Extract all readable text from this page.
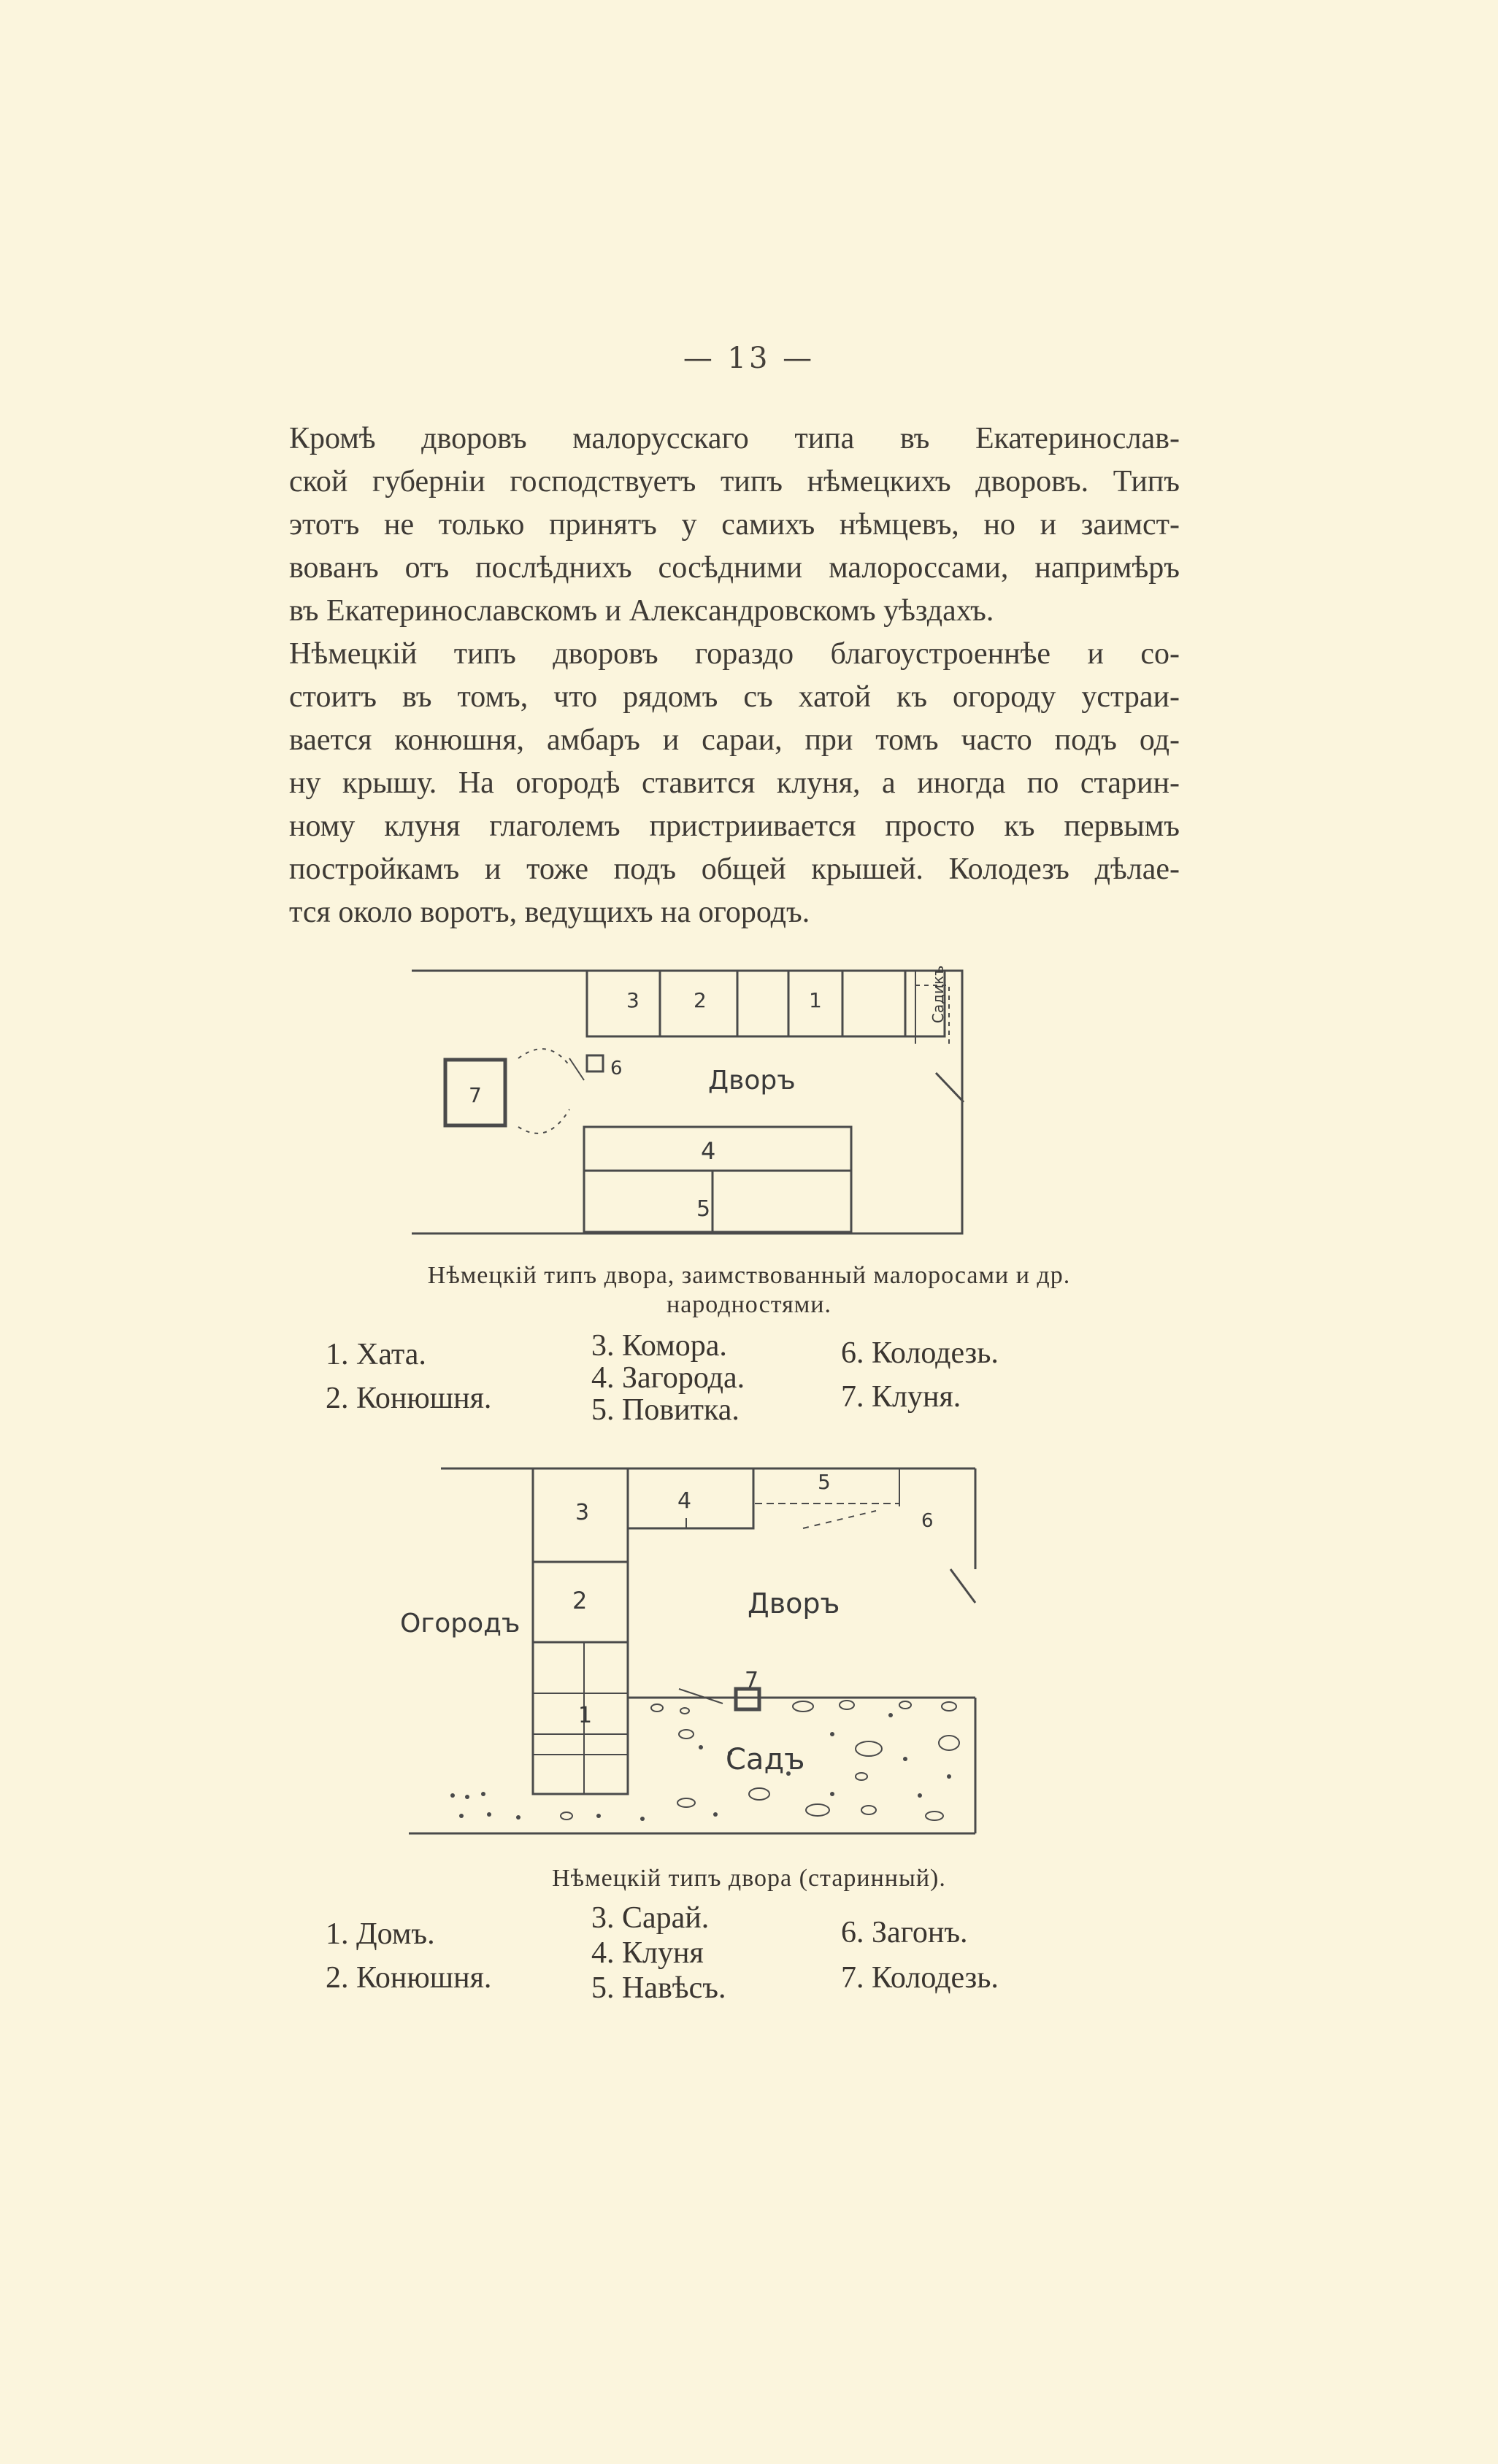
— 13 —
Кромѣ дворовъ малорусскаго типа въ Екатеринослав-
ской губерніи господствуетъ типъ нѣмецкихъ дворовъ. Типъ
этотъ не только принятъ у самихъ нѣмцевъ, но и заимст-
вованъ отъ послѣднихъ сосѣдними малороссами, напримѣръ
въ Екатеринославскомъ и Александровскомъ уѣздахъ.
Нѣмецкій типъ дворовъ гораздо благоустроеннѣе и со-
стоитъ въ томъ, что рядомъ съ хатой къ огороду устраи-
вается конюшня, амбаръ и сараи, при томъ часто подъ од-
ну крышу. На огородѣ ставится клуня, а иногда по старин-
ному клуня глаголемъ пристриивается просто къ первымъ
постройкамъ и тоже подъ общей крышей. Колодезъ дѣлае-
тся около воротъ, ведущихъ на огородъ.
3	2	1
6
7	Дворъ
4
5
Садикъ
Нѣмецкій типъ двора, заимствованный малоросами и др.
народностями.
1. Хата.
2. Конюшня.
3. Комора.
4. Загорода.
5. Повитка.
6. Колодезь.
7. Клуня.
3	4
5
6
2
1
7
Дворъ
Огородъ
Садъ
Нѣмецкій типъ двора (старинный).
1. Домъ.
2. Конюшня.
3. Сарай.
4. Клуня
5. Навѣсъ.
6. Загонъ.
7. Колодезь.
